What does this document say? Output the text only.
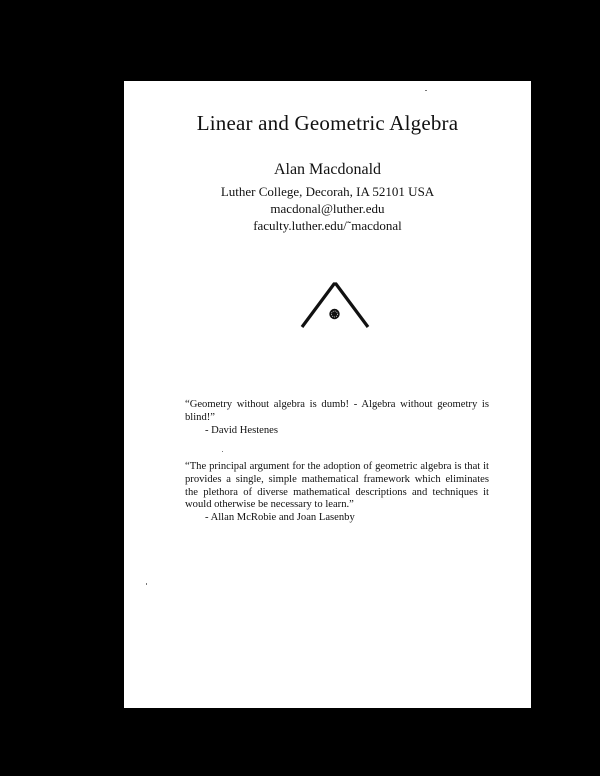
Linear and Geometric Algebra
Alan Macdonald
Luther College, Decorah, IA 52101 USA
macdonal@luther.edu
faculty.luther.edu/˜macdonal
“Geometry without algebra is dumb! - Algebra without geometry is blind!”
- David Hestenes
“The principal argument for the adoption of geometric algebra is that it provides a single, simple mathematical framework which eliminates the plethora of diverse mathematical descriptions and techniques it would otherwise be necessary to learn.”
- Allan McRobie and Joan Lasenby
